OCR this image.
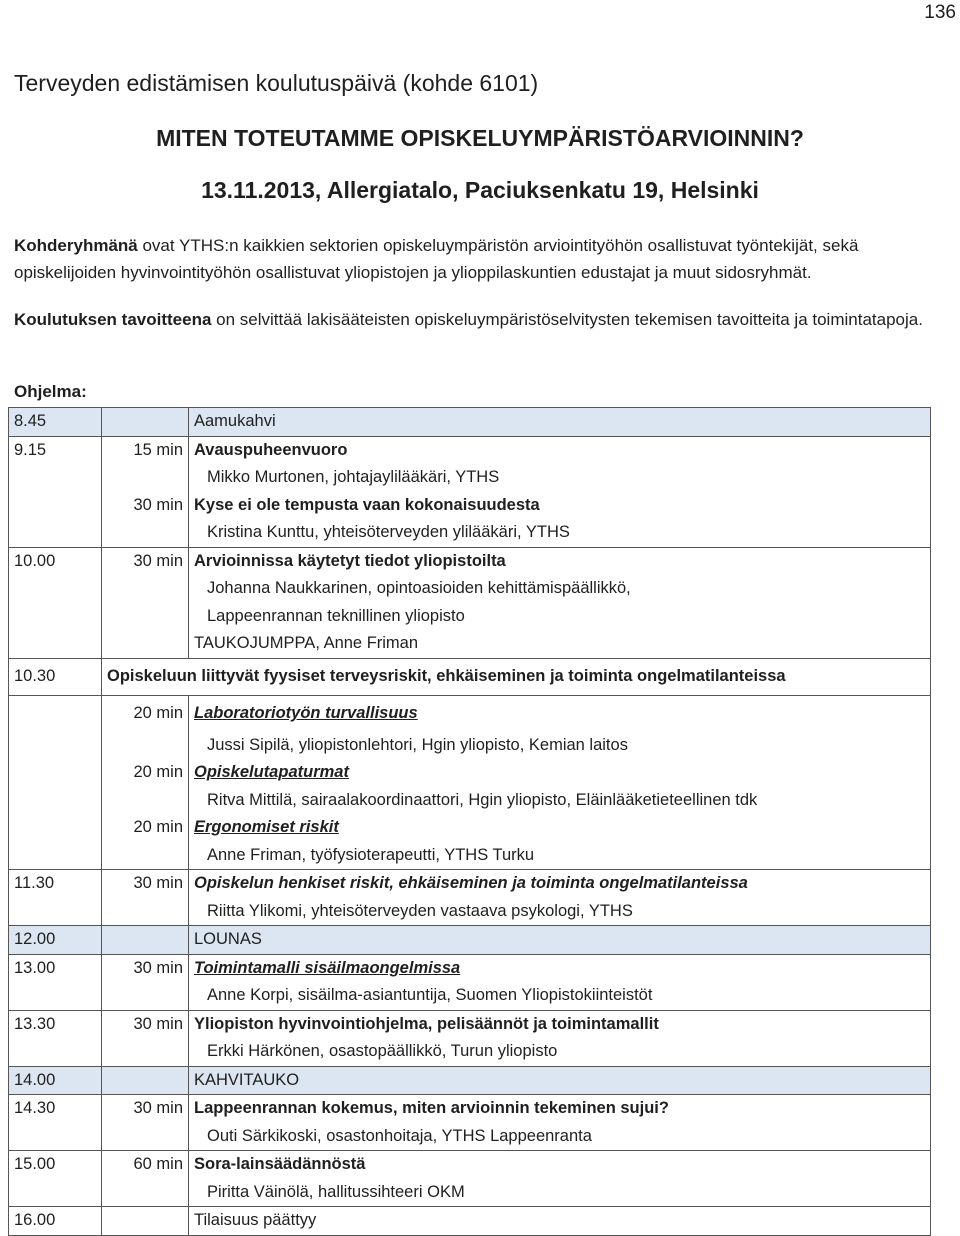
136
Terveyden edistämisen koulutuspäivä (kohde 6101)
MITEN TOTEUTAMME OPISKELUYMPÄRISTÖARVIOINNIN?
13.11.2013, Allergiatalo, Paciuksenkatu 19, Helsinki
Kohderyhmänä ovat YTHS:n kaikkien sektorien opiskeluympäristön arviointityöhön osallistuvat työntekijät, sekä opiskelijoiden hyvinvointityöhön osallistuvat yliopistojen ja ylioppilaskuntien edustajat ja muut sidosryhmät.
Koulutuksen tavoitteena on selvittää lakisääteisten opiskeluympäristöselvitysten tekemisen tavoitteita ja toimintatapoja.
Ohjelma:
8.45		Aamukahvi
9.15	15 min	Avauspuheenvuoro
		Mikko Murtonen, johtajaylilääkäri, YTHS
	30 min	Kyse ei ole tempusta vaan kokonaisuudesta
		Kristina Kunttu, yhteisöterveyden ylilääkäri, YTHS
10.00	30 min	Arvioinnissa käytetyt tiedot yliopistoilta
		Johanna Naukkarinen, opintoasioiden kehittämispäällikkö,
		Lappeenrannan teknillinen yliopisto
		TAUKOJUMPPA, Anne Friman
10.30	Opiskeluun liittyvät fyysiset terveysriskit, ehkäiseminen ja toiminta ongelmatilanteissa	
	20 min	Laboratoriotyön turvallisuus
		Jussi Sipilä, yliopistonlehtori, Hgin yliopisto, Kemian laitos
	20 min	Opiskelutapaturmat
		Ritva Mittilä, sairaalakoordinaattori, Hgin yliopisto, Eläinlääketieteellinen tdk
	20 min	Ergonomiset riskit
		Anne Friman, työfysioterapeutti, YTHS Turku
11.30	30 min	Opiskelun henkiset riskit, ehkäiseminen ja toiminta ongelmatilanteissa
		Riitta Ylikomi, yhteisöterveyden vastaava psykologi, YTHS
12.00		LOUNAS
13.00	30 min	Toimintamalli sisäilmaongelmissa
		Anne Korpi, sisäilma-asiantuntija, Suomen Yliopistokiinteistöt
13.30	30 min	Yliopiston hyvinvointiohjelma, pelisäännöt ja toimintamallit
		Erkki Härkönen, osastopäällikkö, Turun yliopisto
14.00		KAHVITAUKO
14.30	30 min	Lappeenrannan kokemus, miten arvioinnin tekeminen sujui?
		Outi Särkikoski, osastonhoitaja, YTHS Lappeenranta
15.00	60 min	Sora-lainsäädännöstä
		Piritta Väinölä, hallitussihteeri OKM
16.00		Tilaisuus päättyy
